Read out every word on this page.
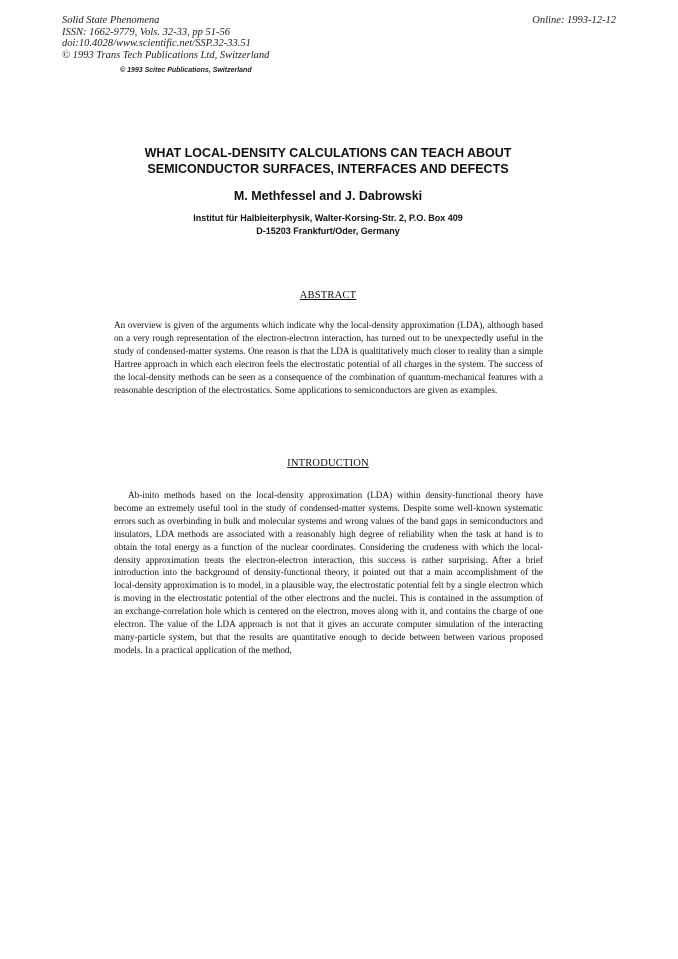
Solid State Phenomena
ISSN: 1662-9779, Vols. 32-33, pp 51-56
doi:10.4028/www.scientific.net/SSP.32-33.51
© 1993 Trans Tech Publications Ltd, Switzerland
Online: 1993-12-12
© 1993 Scitec Publications, Switzerland
WHAT LOCAL-DENSITY CALCULATIONS CAN TEACH ABOUT
SEMICONDUCTOR SURFACES, INTERFACES AND DEFECTS
M. Methfessel and J. Dabrowski
Institut für Halbleiterphysik, Walter-Korsing-Str. 2, P.O. Box 409
D-15203 Frankfurt/Oder, Germany
ABSTRACT
An overview is given of the arguments which indicate why the local-density approximation (LDA), although based on a very rough representation of the electron-electron interaction, has turned out to be unexpectedly useful in the study of condensed-matter systems. One reason is that the LDA is qualtitatively much closer to reality than a simple Hartree approach in which each electron feels the electrostatic potential of all charges in the system. The success of the local-density methods can be seen as a consequence of the combination of quantum-mechanical features with a reasonable description of the electrostatics. Some applications to semiconductors are given as examples.
INTRODUCTION

Ab-inito methods based on the local-density approximation (LDA) within density-functional theory have become an extremely useful tool in the study of condensed-matter systems. Despite some well-known systematic errors such as overbinding in bulk and molecular systems and wrong values of the band gaps in semiconductors and insulators, LDA methods are associated with a reasonably high degree of reliability when the task at hand is to obtain the total energy as a function of the nuclear coordinates. Considering the crudeness with which the local-density approximation treats the electron-electron interaction, this success is rather surprising. After a brief introduction into the background of density-functional theory, it pointed out that a main accomplishment of the local-density approximation is to model, in a plausible way, the electrostatic potential felt by a single electron which is moving in the electrostatic potential of the other electrons and the nuclei. This is contained in the assumption of an exchange-correlation hole which is centered on the electron, moves along with it, and contains the charge of one electron. The value of the LDA approach is not that it gives an accurate computer simulation of the interacting many-particle system, but that the results are quantitative enough to decide between between various proposed models. In a practical application of the method,
